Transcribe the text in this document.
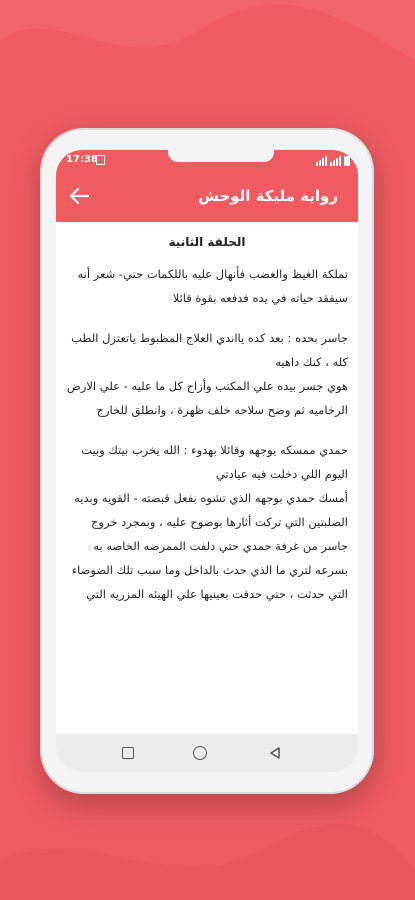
17:38
رواية مليكة الوحش
الحلقة الثانية
تملكة الغيظ والغضب فأنهال عليه باللكمات حتي- شعر أنه سيفقد حياته في يده فدفعه بقوة قائلا
جاسر بحده : بعد كده يااندي العلاج المظبوط ياتعتزل الطب كله ، كنك داهيه
هوي جسر بيده علي المكتب وأزاح كل ما عليه - علي الارض الرخاميه ثم وضح سلاحه خلف ظهرة ، وانطلق للخارج
حمدي ممسكه بوجهه وقائلا بهدوء : الله يخرب بيتك وبيت اليوم اللي دخلت فيه عيادتي
أمسك حمدي بوجهه الذي تشوه بفعل قبضته - القويه وبديه الصلبتين التي تركت أثارها بوضوح عليه ، وبمجرد خروج جاسر من غرفة حمدي حتي دلفت الممرضه الخاصه به بسرعه لتري ما الذي حدث بالداخل وما سبب تلك الضوضاء التي حدثت ، حتي حدقت بعينيها علي الهيئه المزريه التي
